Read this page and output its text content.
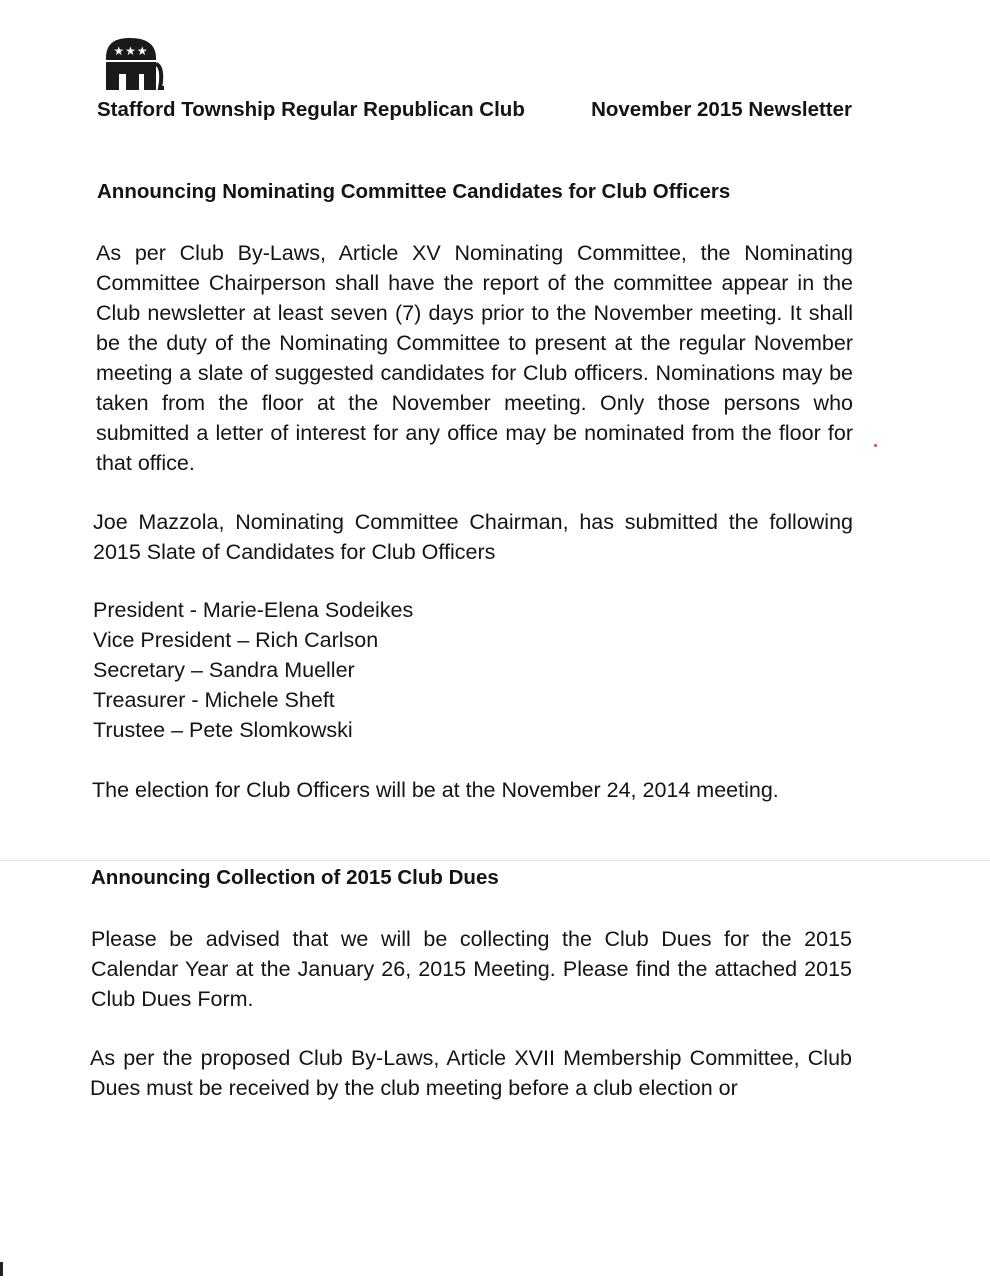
★★★
Stafford Township Regular Republican Club	November 2015 Newsletter
Announcing Nominating Committee Candidates for Club Officers

As per Club By-Laws, Article XV Nominating Committee, the Nominating Committee Chairperson shall have the report of the committee appear in the Club newsletter at least seven (7) days prior to the November meeting. It shall be the duty of the Nominating Committee to present at the regular November meeting a slate of suggested candidates for Club officers. Nominations may be taken from the floor at the November meeting. Only those persons who submitted a letter of interest for any office may be nominated from the floor for that office.

Joe Mazzola, Nominating Committee Chairman, has submitted the following 2015 Slate of Candidates for Club Officers

President - Marie-Elena Sodeikes
Vice President – Rich Carlson
Secretary – Sandra Mueller
Treasurer - Michele Sheft
Trustee – Pete Slomkowski

The election for Club Officers will be at the November 24, 2014 meeting.

Announcing Collection of 2015 Club Dues

Please be advised that we will be collecting the Club Dues for the 2015 Calendar Year at the January 26, 2015 Meeting. Please find the attached 2015 Club Dues Form.

As per the proposed Club By-Laws, Article XVII Membership Committee, Club Dues must be received by the club meeting before a club election or
